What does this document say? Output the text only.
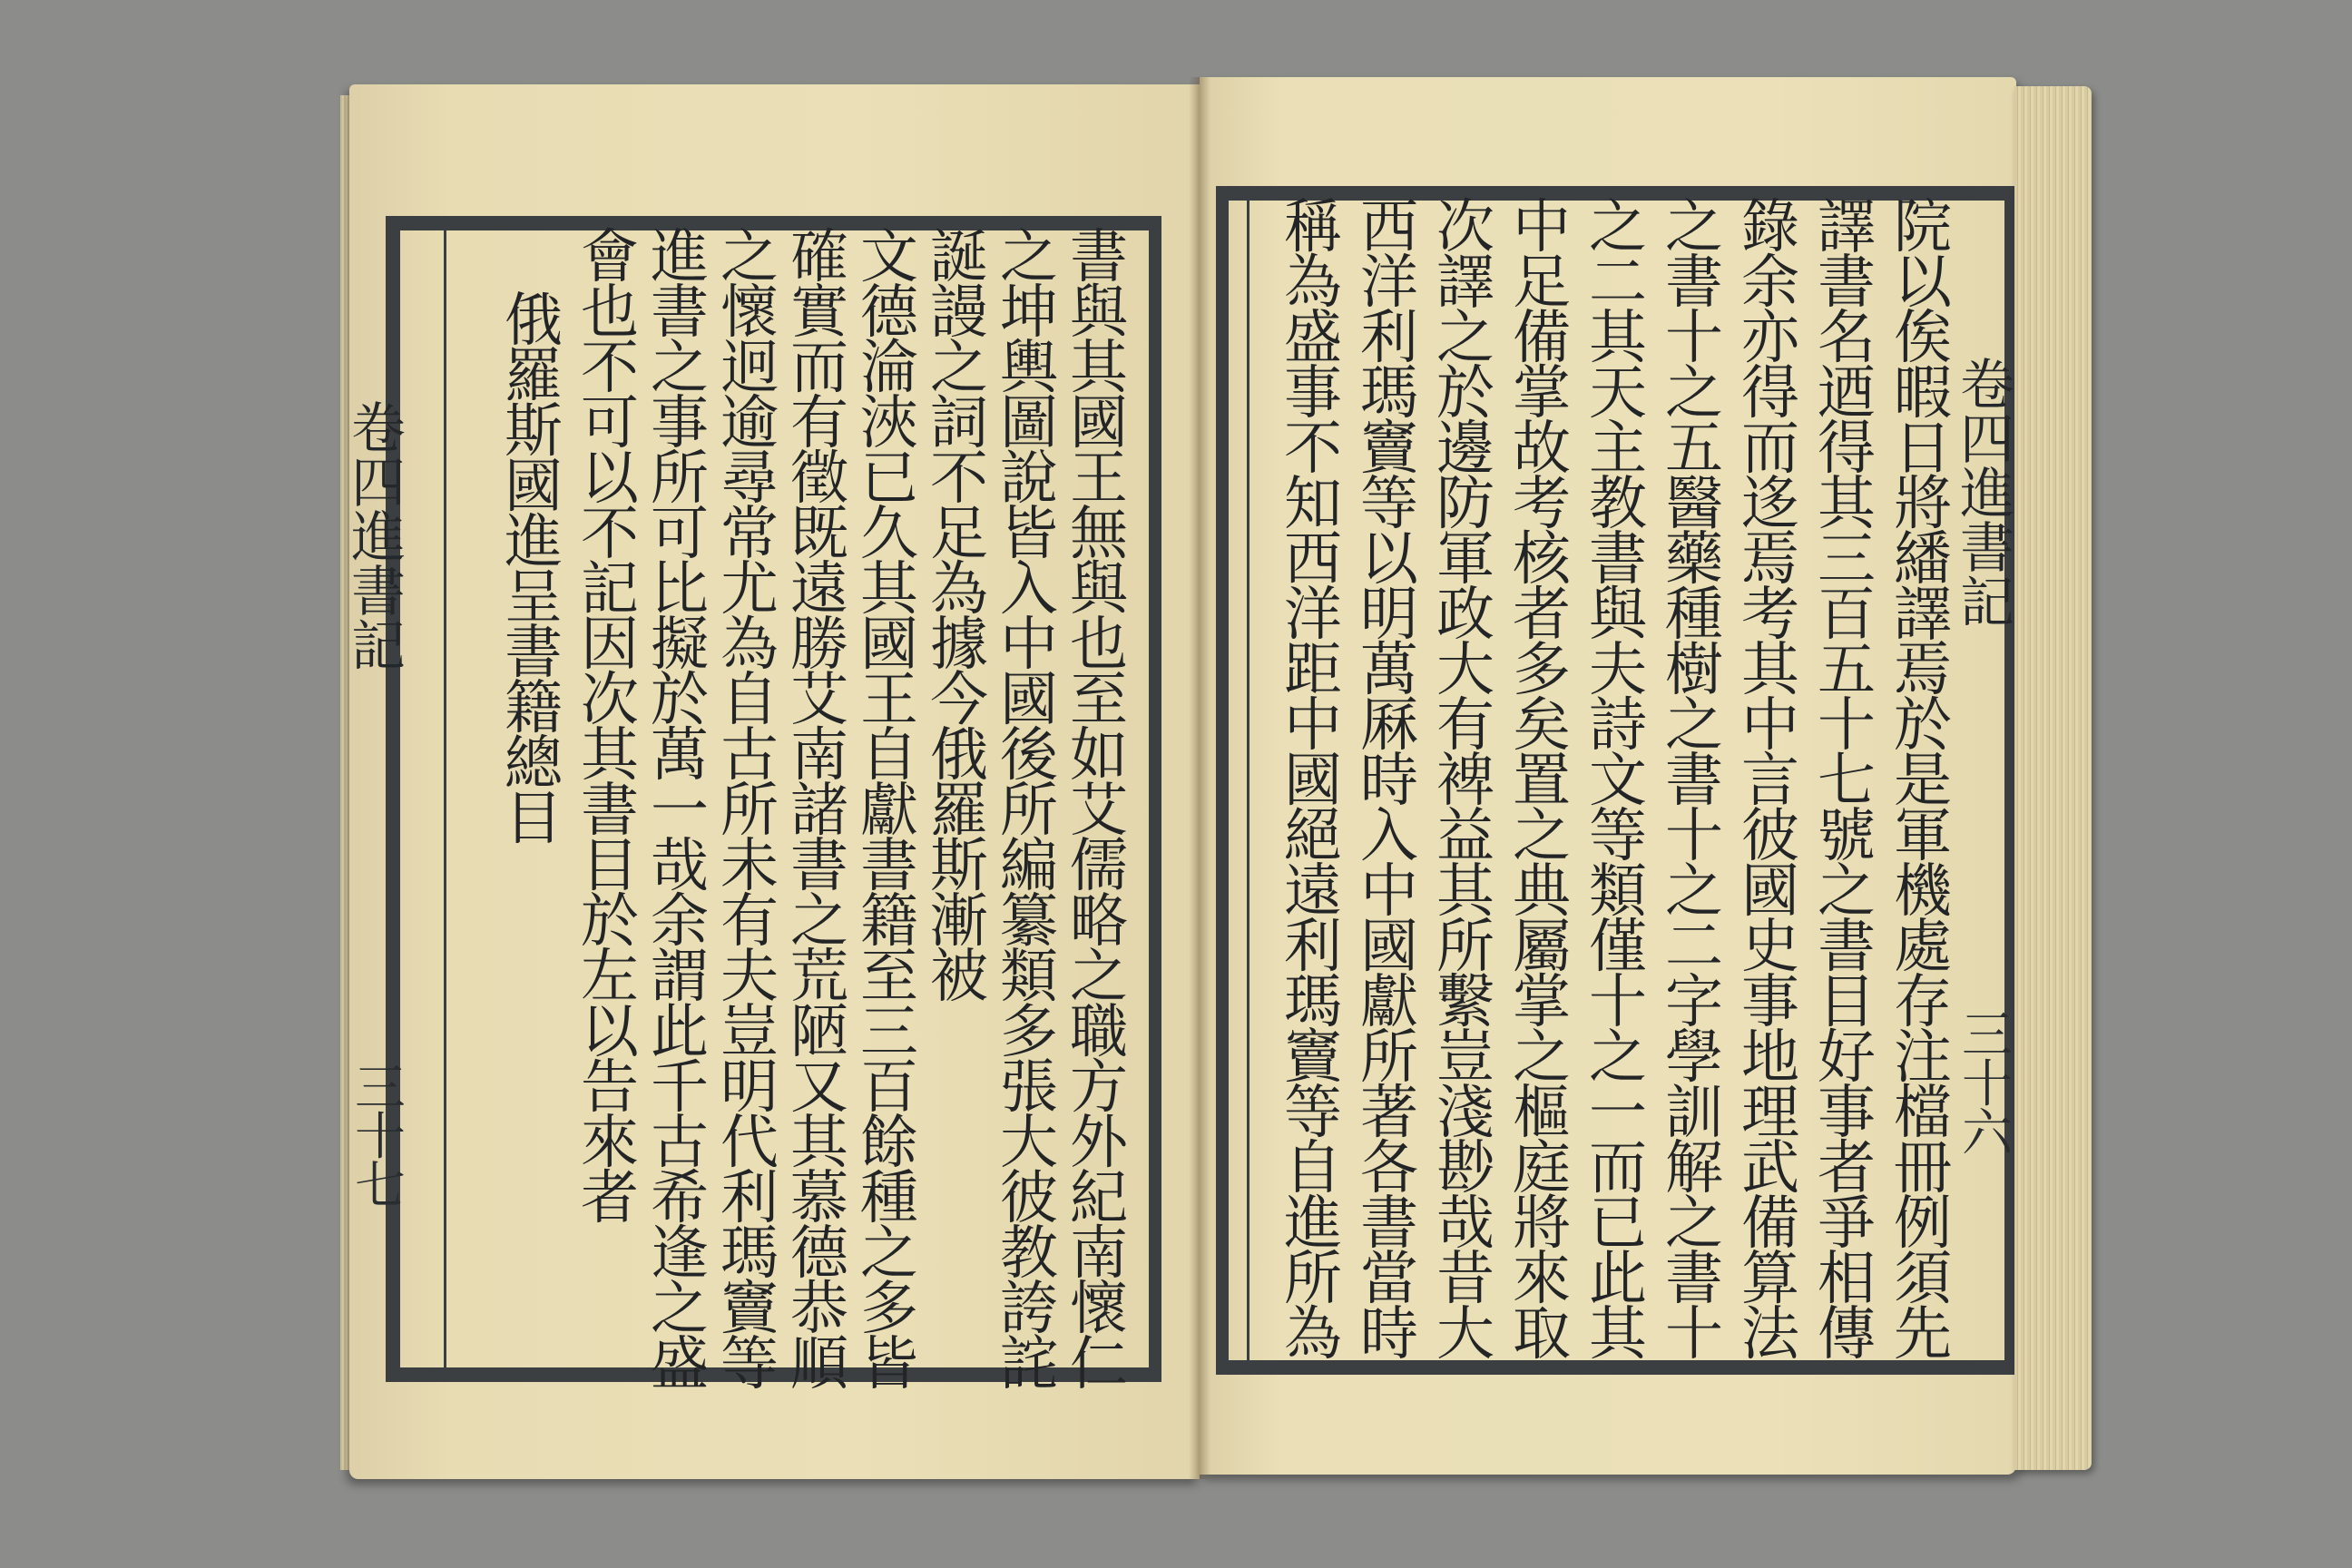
書與其國王無與也至如艾儒略之職方外紀南懷仁
之坤輿圖說皆入中國後所編纂類多張大彼教誇詫
誕謾之詞不足為據今俄羅斯漸被
文德淪浹已久其國王自獻書籍至三百餘種之多皆
確實而有徵既遠勝艾南諸書之荒陋又其慕德恭順
之懷迥逾尋常尤為自古所未有夫豈明代利瑪竇等
進書之事所可比擬於萬一哉余謂此千古希逢之盛
會也不可以不記因次其書目於左以告來者
俄羅斯國進呈書籍總目
卷四 進書記
三十七
院以俟暇日將繙譯焉於是軍機處存注檔冊例須先
譯書名迺得其三百五十七號之書目好事者爭相傳
錄余亦得而迻焉考其中言彼國史事地理武備算法
之書十之五醫藥種樹之書十之二字學訓解之書十
之二其天主教書與夫詩文等類僅十之一而已此其
中足備掌故考核者多矣置之典屬掌之樞庭將來取
次譯之於邊防軍政大有裨益其所繫豈淺尠哉昔大
西洋利瑪竇等以明萬厤時入中國獻所著各書當時
稱為盛事不知西洋距中國絕遠利瑪竇等自進所為
卷四 進書記
三十六
